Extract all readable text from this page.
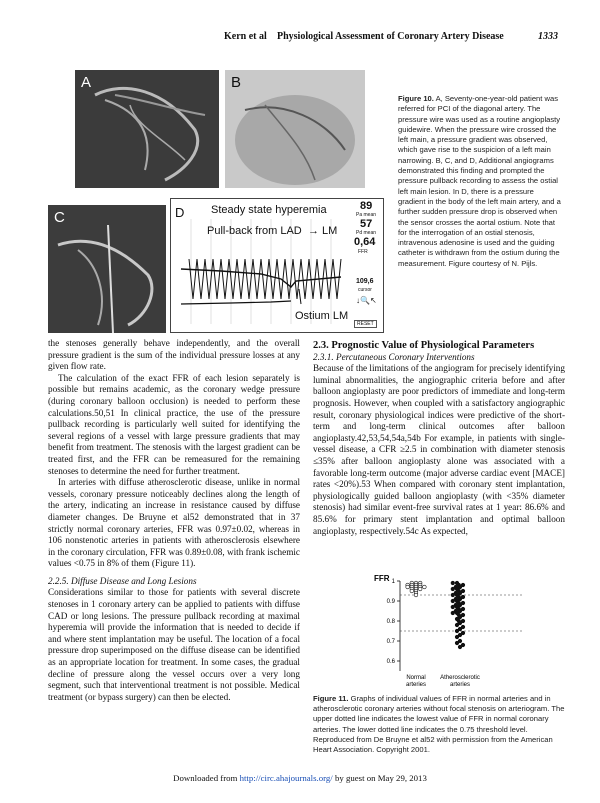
Kern et al Physiological Assessment of Coronary Artery Disease	1333
A	B
C	D Steady state hyperemia
Pull-back from LAD → LM
Ostium LM
89
Pa mean
57
Pd mean
0,64
FFR
109,6
cursor
↓🔍↖
RESET
Figure 10. A, Seventy-one-year-old patient was referred for PCI of the diagonal artery. The pressure wire was used as a routine angioplasty guidewire. When the pressure wire crossed the left main, a pressure gradient was observed, which gave rise to the suspicion of a left main narrowing. B, C, and D, Additional angiograms demonstrated this finding and prompted the pressure pullback recording to assess the ostial left main lesion. In D, there is a pressure gradient in the body of the left main artery, and a further sudden pressure drop is observed when the sensor crosses the aortal ostium. Note that for the interrogation of an ostial stenosis, intravenous adenosine is used and the guiding catheter is withdrawn from the ostium during the measurement. Figure courtesy of N. Pijls.

the stenoses generally behave independently, and the overall pressure gradient is the sum of the individual pressure losses at any given flow rate.

The calculation of the exact FFR of each lesion separately is possible but remains academic, as the coronary wedge pressure (during coronary balloon occlusion) is needed to perform these calculations.50,51 In clinical practice, the use of the pressure pullback recording is particularly well suited for identifying the several regions of a vessel with large pressure gradients that may benefit from treatment. The stenosis with the largest gradient can be treated first, and the FFR can be remeasured for the remaining stenoses to determine the need for further treatment.

In arteries with diffuse atherosclerotic disease, unlike in normal vessels, coronary pressure noticeably declines along the length of the artery, indicating an increase in resistance caused by diffuse diameter changes. De Bruyne et al52 demonstrated that in 37 strictly normal coronary arteries, FFR was 0.97±0.02, whereas in 106 nonstenotic arteries in patients with atherosclerosis elsewhere in the coronary circulation, FFR was 0.89±0.08, with frank ischemic values <0.75 in 8% of them (Figure 11).

2.2.5. Diffuse Disease and Long Lesions

Considerations similar to those for patients with several discrete stenoses in 1 coronary artery can be applied to patients with diffuse CAD or long lesions. The pressure pullback recording at maximal hyperemia will provide the information that is needed to decide if and where stent implantation may be useful. The location of a focal pressure drop superimposed on the diffuse disease can be identified as an appropriate location for treatment. In some cases, the gradual decline of pressure along the vessel occurs over a very long segment, such that interventional treatment is not possible. Medical treatment (or bypass surgery) can then be elected.

2.3. Prognostic Value of Physiological Parameters

2.3.1. Percutaneous Coronary Interventions

Because of the limitations of the angiogram for precisely identifying luminal abnormalities, the angiographic criteria before and after balloon angioplasty are poor predictors of immediate and long-term prognosis. However, when coupled with a satisfactory angiographic result, coronary physiological indices were predictive of the short-term and long-term clinical outcomes after balloon angioplasty.42,53,54,54a,54b For example, in patients with single-vessel disease, a CFR ≥2.5 in combination with diameter stenosis ≤35% after balloon angioplasty alone was associated with a favorable long-term outcome (major adverse cardiac event [MACE] rates <20%).53 When compared with coronary stent implantation, physiologically guided balloon angioplasty (with <35% diameter stenosis) had similar event-free survival rates at 1 year: 86.6% and 85.6% for primary stent implantation and optimal balloon angioplasty, respectively.54c As expected,

FFR 1
0.9
0.8
0.7
0.6
Normal
arteries
Atherosclerotic
arteries
Figure 11. Graphs of individual values of FFR in normal arteries and in atherosclerotic coronary arteries without focal stenosis on arteriogram. The upper dotted line indicates the lowest value of FFR in normal coronary arteries. The lower dotted line indicates the 0.75 threshold level. Reproduced from De Bruyne et al52 with permission from the American Heart Association. Copyright 2001.
Downloaded from http://circ.ahajournals.org/ by guest on May 29, 2013
